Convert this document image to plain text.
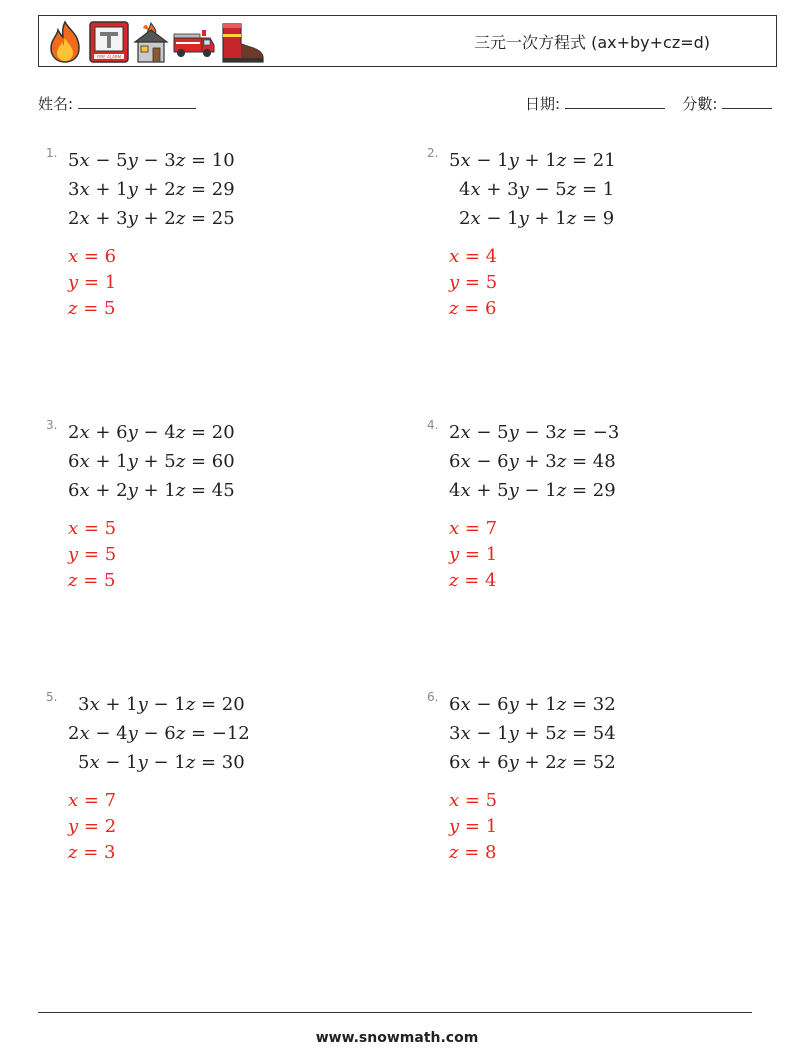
FIRE ALARM
三元一次方程式 (ax+by+cz=d)
姓名:	日期:	分數:
1. 5x − 5y − 3z = 10
3x + 1y + 2z = 29
2x + 3y + 2z = 25
x = 6
y = 1
z = 5
2. 5x − 1y + 1z = 21
4x + 3y − 5z = 1
2x − 1y + 1z = 9
x = 4
y = 5
z = 6
3. 2x + 6y − 4z = 20
6x + 1y + 5z = 60
6x + 2y + 1z = 45
x = 5
y = 5
z = 5
4. 2x − 5y − 3z = −3
6x − 6y + 3z = 48
4x + 5y − 1z = 29
x = 7
y = 1
z = 4
5.	3x + 1y − 1z = 20
2x − 4y − 6z = −12
5x − 1y − 1z = 30
x = 7
y = 2
z = 3
6. 6x − 6y + 1z = 32
3x − 1y + 5z = 54
6x + 6y + 2z = 52
x = 5
y = 1
z = 8
www.snowmath.com
